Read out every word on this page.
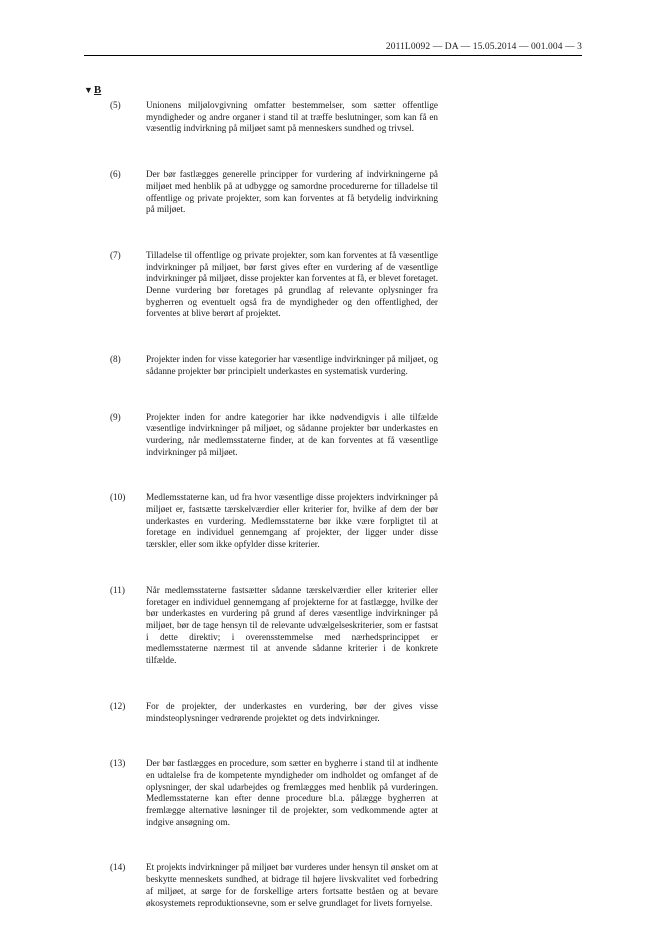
2011L0092 — DA — 15.05.2014 — 001.004 — 3
▼ B
(5)	Unionens miljølovgivning omfatter bestemmelser, som sætter offentlige myndigheder og andre organer i stand til at træffe beslutninger, som kan få en væsentlig indvirkning på miljøet samt på menneskers sundhed og trivsel.
(6)	Der bør fastlægges generelle principper for vurdering af indvirkningerne på miljøet med henblik på at udbygge og samordne procedurerne for tilladelse til offentlige og private projekter, som kan forventes at få betydelig indvirkning på miljøet.
(7)	Tilladelse til offentlige og private projekter, som kan forventes at få væsentlige indvirkninger på miljøet, bør først gives efter en vurdering af de væsentlige indvirkninger på miljøet, disse projekter kan forventes at få, er blevet foretaget. Denne vurdering bør foretages på grundlag af relevante oplysninger fra bygherren og eventuelt også fra de myndigheder og den offentlighed, der forventes at blive berørt af projektet.
(8)	Projekter inden for visse kategorier har væsentlige indvirkninger på miljøet, og sådanne projekter bør principielt underkastes en systematisk vurdering.
(9)	Projekter inden for andre kategorier har ikke nødvendigvis i alle tilfælde væsentlige indvirkninger på miljøet, og sådanne projekter bør underkastes en vurdering, når medlemsstaterne finder, at de kan forventes at få væsentlige indvirkninger på miljøet.
(10)	Medlemsstaterne kan, ud fra hvor væsentlige disse projekters indvirkninger på miljøet er, fastsætte tærskelværdier eller kriterier for, hvilke af dem der bør underkastes en vurdering. Medlemsstaterne bør ikke være forpligtet til at foretage en individuel gennemgang af projekter, der ligger under disse tærskler, eller som ikke opfylder disse kriterier.
(11)	Når medlemsstaterne fastsætter sådanne tærskelværdier eller kriterier eller foretager en individuel gennemgang af projekterne for at fastlægge, hvilke der bør underkastes en vurdering på grund af deres væsentlige indvirkninger på miljøet, bør de tage hensyn til de relevante udvælgelseskriterier, som er fastsat i dette direktiv; i overensstemmelse med nærhedsprincippet er medlemsstaterne nærmest til at anvende sådanne kriterier i de konkrete tilfælde.
(12)	For de projekter, der underkastes en vurdering, bør der gives visse mindsteoplysninger vedrørende projektet og dets indvirkninger.
(13)	Der bør fastlægges en procedure, som sætter en bygherre i stand til at indhente en udtalelse fra de kompetente myndigheder om indholdet og omfanget af de oplysninger, der skal udarbejdes og fremlægges med henblik på vurderingen. Medlemsstaterne kan efter denne procedure bl.a. pålægge bygherren at fremlægge alternative løsninger til de projekter, som vedkommende agter at indgive ansøgning om.
(14)	Et projekts indvirkninger på miljøet bør vurderes under hensyn til ønsket om at beskytte menneskets sundhed, at bidrage til højere livskvalitet ved forbedring af miljøet, at sørge for de forskellige arters fortsatte beståen og at bevare økosystemets reproduktionsevne, som er selve grundlaget for livets fornyelse.
